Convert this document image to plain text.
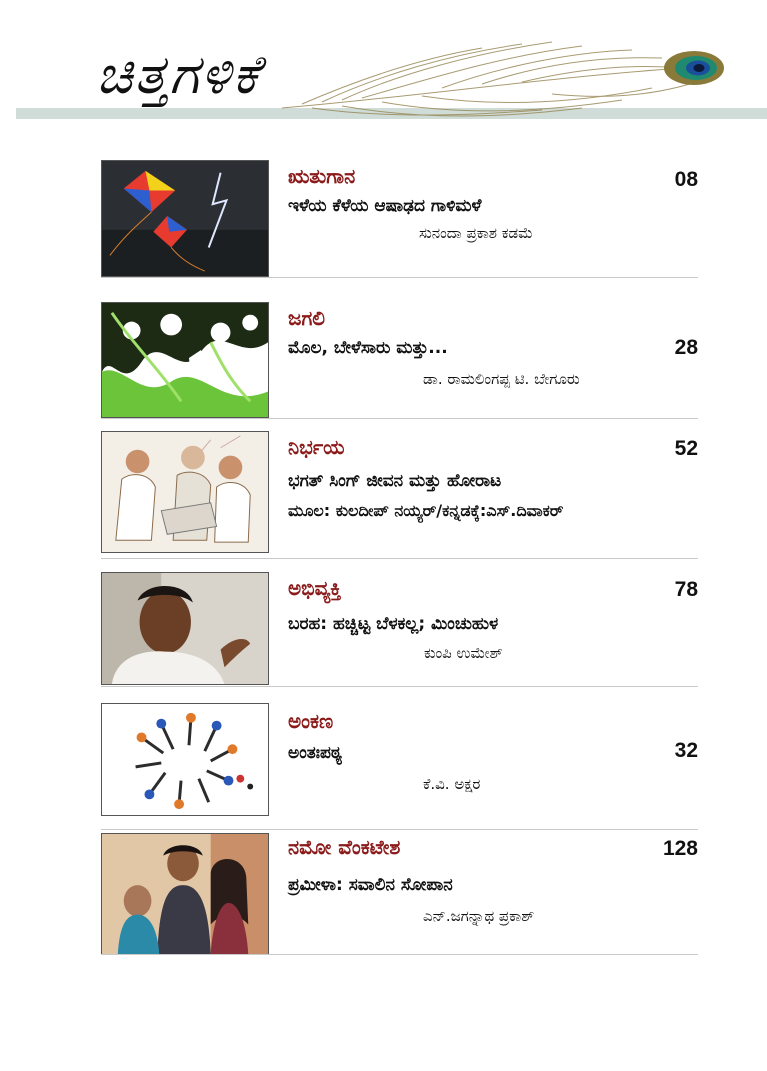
ಚಿತ್ತಗಳಿಕೆ
ಋತುಗಾನ
ಇಳೆಯ ಕೆಳೆಯ ಆಷಾಢದ ಗಾಳಿಮಳೆ
ಸುನಂದಾ ಪ್ರಕಾಶ ಕಡಮೆ
08
ಜಗಲಿ
ಮೊಲ, ಬೇಳೆಸಾರು ಮತ್ತು...
ಡಾ. ರಾಮಲಿಂಗಪ್ಪ ಟಿ. ಬೇಗೂರು
28
ನಿರ್ಭಯ
ಭಗತ್ ಸಿಂಗ್ ಜೀವನ ಮತ್ತು ಹೋರಾಟ
ಮೂಲ: ಕುಲದೀಪ್ ನಯ್ಯರ್/ಕನ್ನಡಕ್ಕೆ:ಎಸ್.ದಿವಾಕರ್
52
ಅಭಿವ್ಯಕ್ತಿ
ಬರಹ: ಹಚ್ಚಿಟ್ಟ ಬೆಳಕಲ್ಲ; ಮಿಂಚುಹುಳ
ಕುಂಪಿ ಉಮೇಶ್
78
ಅಂಕಣ
ಅಂತಃಪಠ್ಯ
ಕೆ.ವಿ. ಅಕ್ಷರ
32
ನಮೋ ವೆಂಕಟೇಶ
ಪ್ರಮೀಳಾ: ಸವಾಲಿನ ಸೋಪಾನ
ಎನ್.ಜಗನ್ನಾಥ ಪ್ರಕಾಶ್
128
